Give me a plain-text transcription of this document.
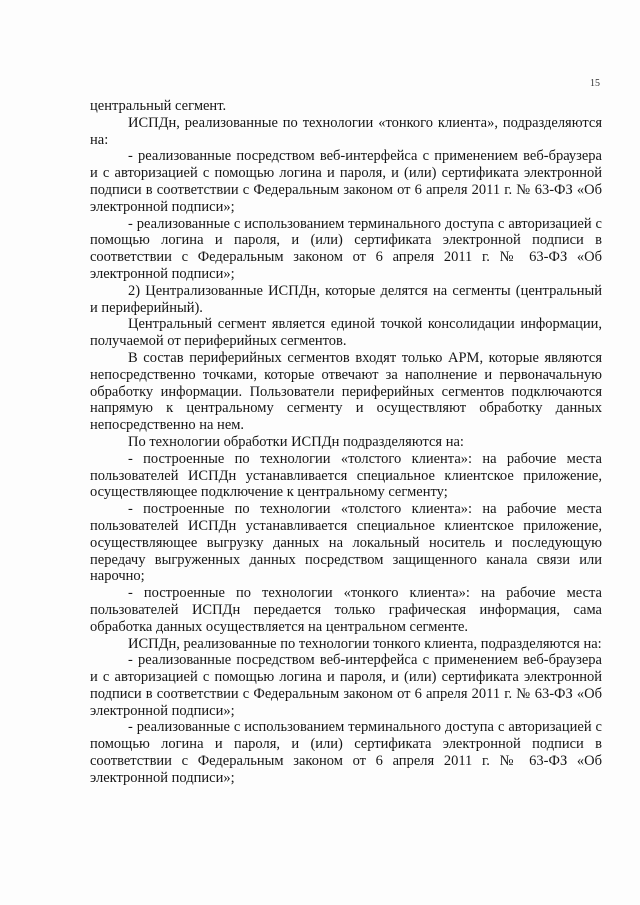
15

центральный сегмент.

ИСПДн, реализованные по технологии «тонкого клиента», подразделяются на:

- реализованные посредством веб-интерфейса с применением веб-браузера и с авторизацией с помощью логина и пароля, и (или) сертификата электронной подписи в соответствии с Федеральным законом от 6 апреля 2011 г. № 63-ФЗ «Об электронной подписи»;

- реализованные с использованием терминального доступа с авторизацией с помощью логина и пароля, и (или) сертификата электронной подписи в соответствии с Федеральным законом от 6 апреля 2011 г. № 63-ФЗ «Об электронной подписи»;

2) Централизованные ИСПДн, которые делятся на сегменты (центральный и периферийный).

Центральный сегмент является единой точкой консолидации информации, получаемой от периферийных сегментов.

В состав периферийных сегментов входят только АРМ, которые являются непосредственно точками, которые отвечают за наполнение и первоначальную обработку информации. Пользователи периферийных сегментов подключаются напрямую к центральному сегменту и осуществляют обработку данных непосредственно на нем.

По технологии обработки ИСПДн подразделяются на:

- построенные по технологии «толстого клиента»: на рабочие места пользователей ИСПДн устанавливается специальное клиентское приложение, осуществляющее подключение к центральному сегменту;

- построенные по технологии «толстого клиента»: на рабочие места пользователей ИСПДн устанавливается специальное клиентское приложение, осуществляющее выгрузку данных на локальный носитель и последующую передачу выгруженных данных посредством защищенного канала связи или нарочно;

- построенные по технологии «тонкого клиента»: на рабочие места пользователей ИСПДн передается только графическая информация, сама обработка данных осуществляется на центральном сегменте.

ИСПДн, реализованные по технологии тонкого клиента, подразделяются на:

- реализованные посредством веб-интерфейса с применением веб-браузера и с авторизацией с помощью логина и пароля, и (или) сертификата электронной подписи в соответствии с Федеральным законом от 6 апреля 2011 г. № 63-ФЗ «Об электронной подписи»;

- реализованные с использованием терминального доступа с авторизацией с помощью логина и пароля, и (или) сертификата электронной подписи в соответствии с Федеральным законом от 6 апреля 2011 г. № 63-ФЗ «Об электронной подписи»;
